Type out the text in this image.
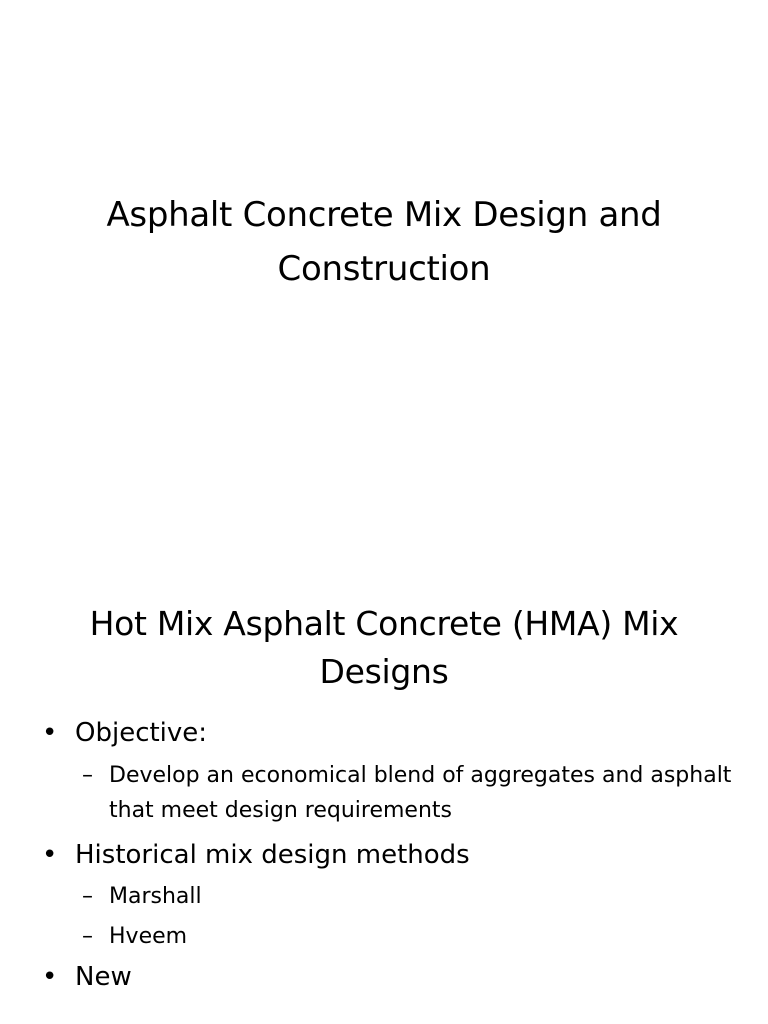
Asphalt Concrete Mix Design and Construction
Hot Mix Asphalt Concrete (HMA) Mix Designs
• Objective:
– Develop an economical blend of aggregates and asphalt that meet design requirements
• Historical mix design methods
– Marshall
– Hveem
• New
